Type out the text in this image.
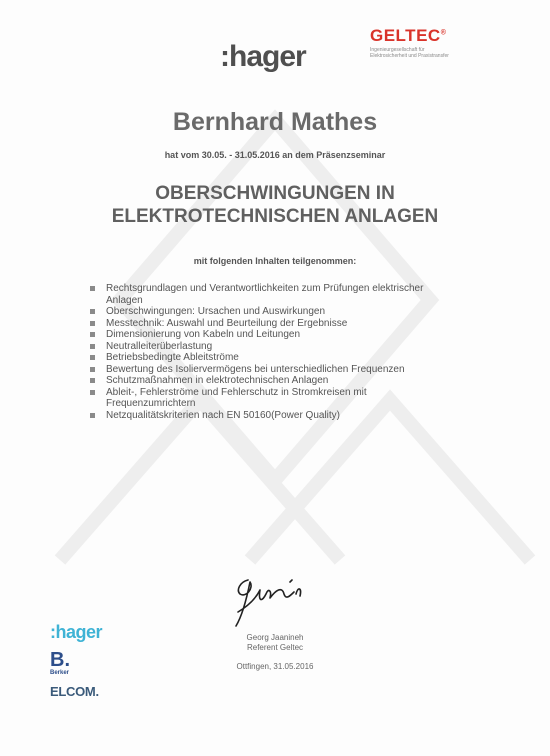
:hager
GELTEC®
Ingenieurgesellschaft für
Elektrosicherheit und Praxistransfer
Bernhard Mathes
hat vom 30.05. - 31.05.2016 an dem Präsenzseminar
OBERSCHWINGUNGEN IN
ELEKTROTECHNISCHEN ANLAGEN
mit folgenden Inhalten teilgenommen:
Rechtsgrundlagen und Verantwortlichkeiten zum Prüfungen elektrischer
Anlagen
Oberschwingungen: Ursachen und Auswirkungen
Messtechnik: Auswahl und Beurteilung der Ergebnisse
Dimensionierung von Kabeln und Leitungen
Neutralleiterüberlastung
Betriebsbedingte Ableitströme
Bewertung des Isoliervermögens bei unterschiedlichen Frequenzen
Schutzmaßnahmen in elektrotechnischen Anlagen
Ableit-, Fehlerströme und Fehlerschutz in Stromkreisen mit
Frequenzumrichtern
Netzqualitätskriterien nach EN 50160(Power Quality)
Georg Jaanineh
Referent Geltec
Ottfingen, 31.05.2016
:hager
B.
Berker
ELCOM.
